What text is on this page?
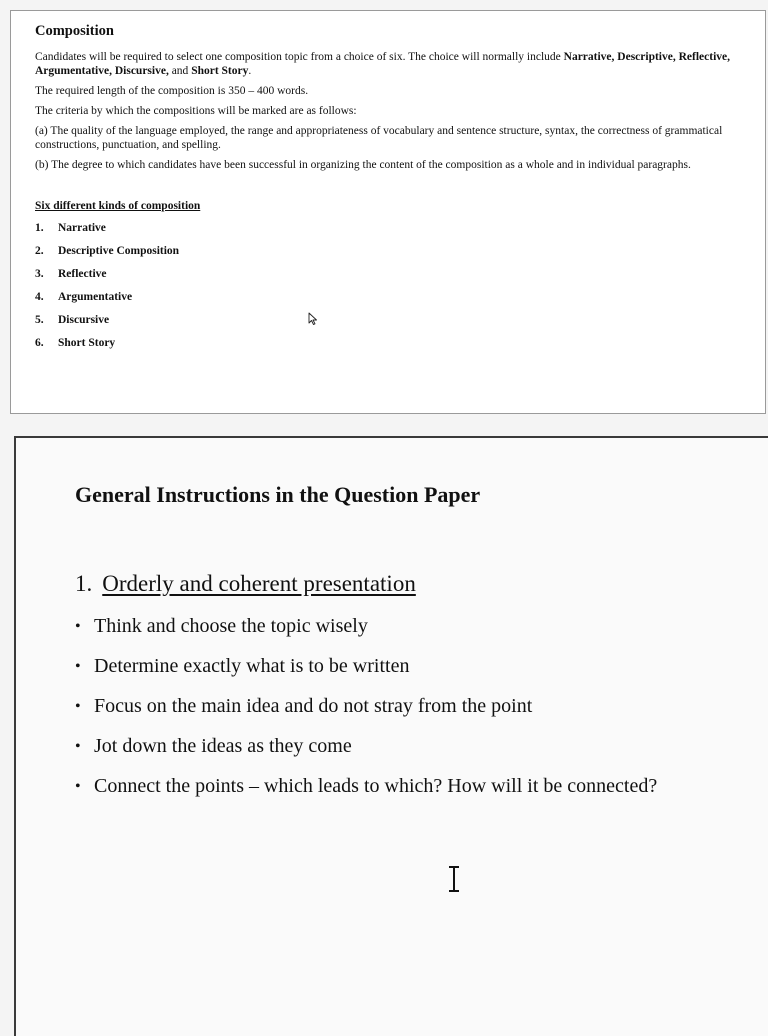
Composition

Candidates will be required to select one composition topic from a choice of six. The choice will normally include Narrative, Descriptive, Reflective, Argumentative, Discursive, and Short Story.

The required length of the composition is 350 – 400 words.

The criteria by which the compositions will be marked are as follows:

(a) The quality of the language employed, the range and appropriateness of vocabulary and sentence structure, syntax, the correctness of grammatical constructions, punctuation, and spelling.

(b) The degree to which candidates have been successful in organizing the content of the composition as a whole and in individual paragraphs.

Six different kinds of composition
1. Narrative
2. Descriptive Composition
3. Reflective
4. Argumentative
5. Discursive
6. Short Story
General Instructions in the Question Paper
1. Orderly and coherent presentation
• Think and choose the topic wisely
• Determine exactly what is to be written
• Focus on the main idea and do not stray from the point
• Jot down the ideas as they come
• Connect the points – which leads to which? How will it be connected?
